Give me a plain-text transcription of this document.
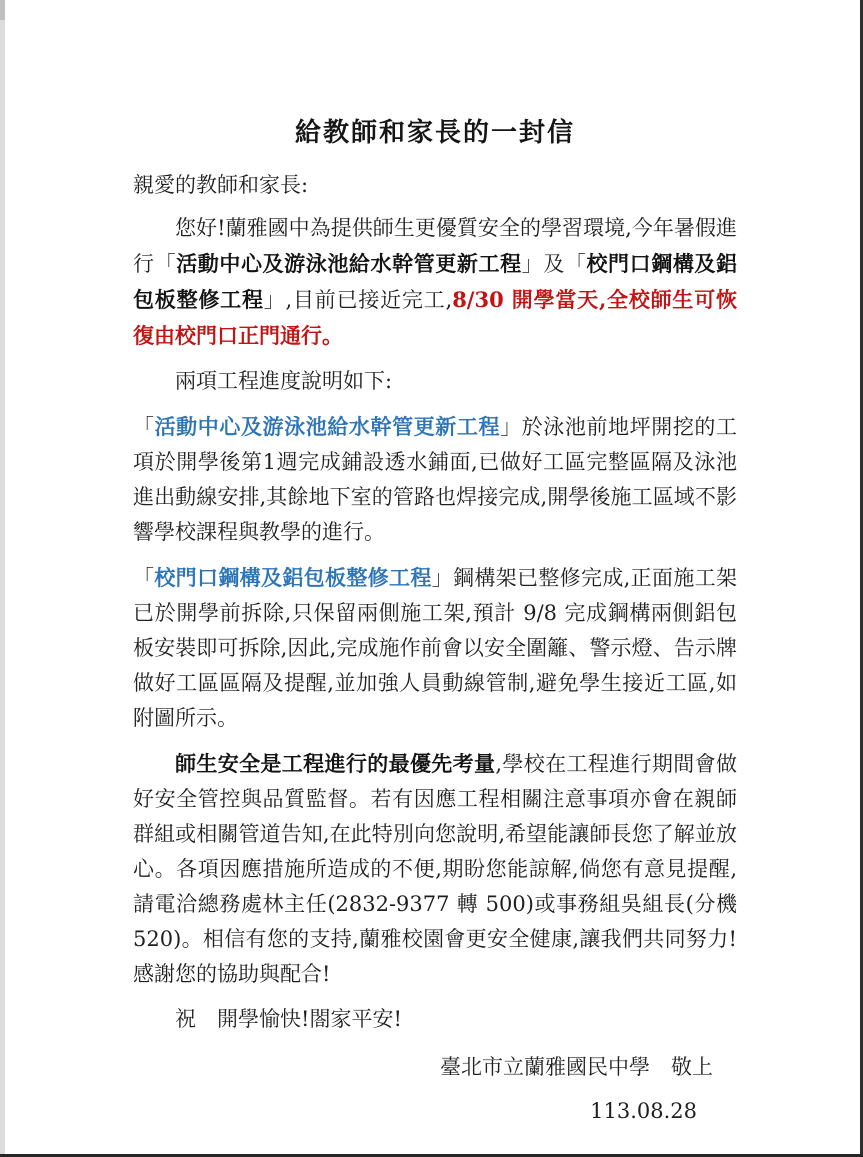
給教師和家長的一封信

親愛的教師和家長:

您好!蘭雅國中為提供師生更優質安全的學習環境,今年暑假進行「活動中心及游泳池給水幹管更新工程」及「校門口鋼構及鋁包板整修工程」,目前已接近完工,8/30 開學當天,全校師生可恢復由校門口正門通行。

兩項工程進度說明如下:

「活動中心及游泳池給水幹管更新工程」於泳池前地坪開挖的工項於開學後第1週完成鋪設透水鋪面,已做好工區完整區隔及泳池進出動線安排,其餘地下室的管路也焊接完成,開學後施工區域不影響學校課程與教學的進行。

「校門口鋼構及鋁包板整修工程」鋼構架已整修完成,正面施工架已於開學前拆除,只保留兩側施工架,預計 9/8 完成鋼構兩側鋁包板安裝即可拆除,因此,完成施作前會以安全圍籬、警示燈、告示牌做好工區區隔及提醒,並加強人員動線管制,避免學生接近工區,如附圖所示。

師生安全是工程進行的最優先考量,學校在工程進行期間會做好安全管控與品質監督。若有因應工程相關注意事項亦會在親師群組或相關管道告知,在此特別向您說明,希望能讓師長您了解並放心。各項因應措施所造成的不便,期盼您能諒解,倘您有意見提醒,請電洽總務處林主任(2832-9377 轉 500)或事務組吳組長(分機520)。相信有您的支持,蘭雅校園會更安全健康,讓我們共同努力!感謝您的協助與配合!

祝　開學愉快!閤家平安!

臺北市立蘭雅國民中學　敬上

113.08.28
